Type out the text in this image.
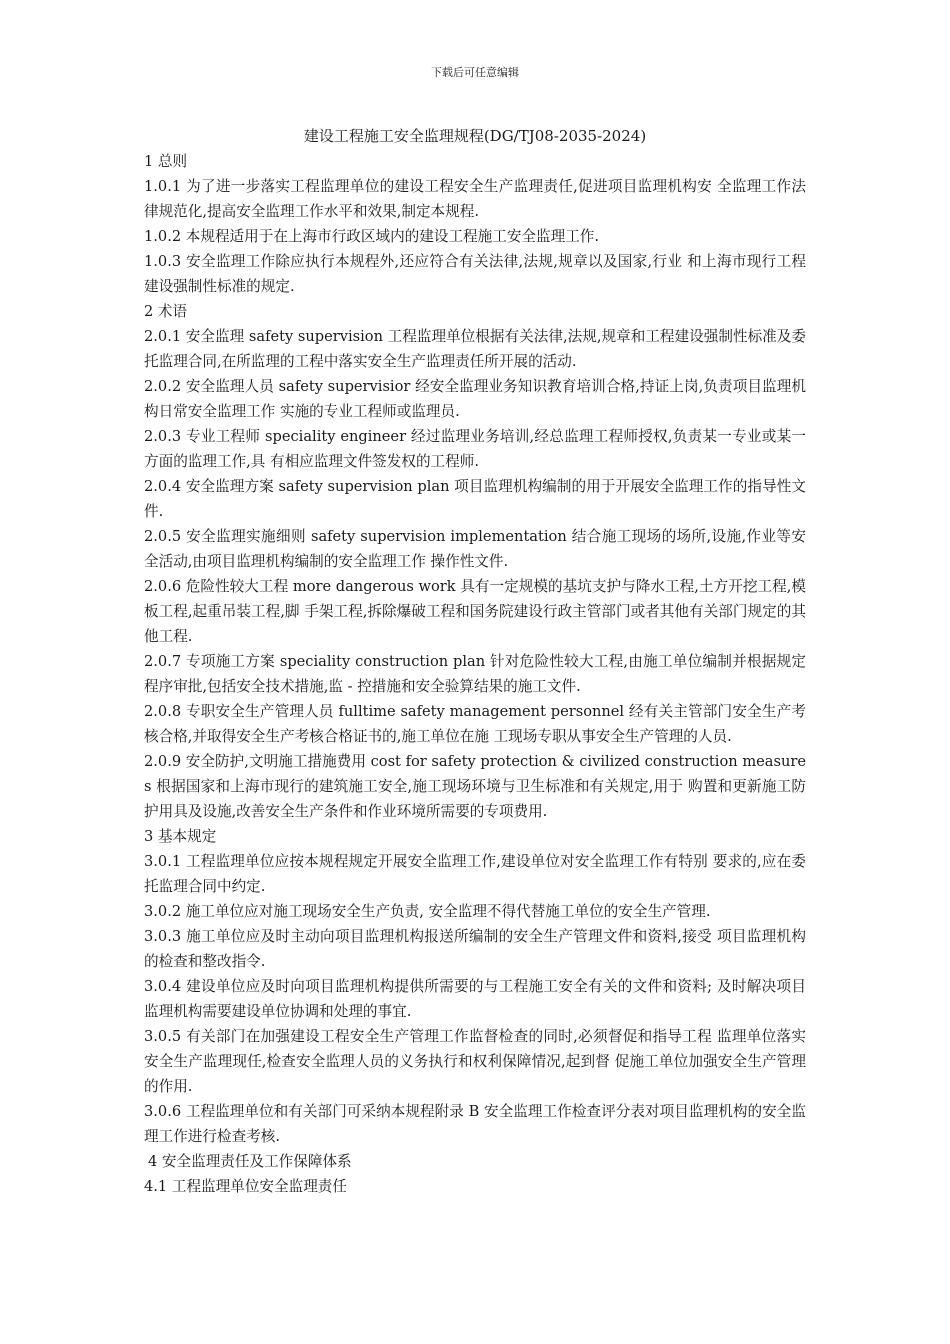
下载后可任意编辑
建设工程施工安全监理规程(DG/TJ08-2035-2024)

1 总则

1.0.1 为了进一步落实工程监理单位的建设工程安全生产监理责任,促进项目监理机构安 全监理工作法律规范化,提高安全监理工作水平和效果,制定本规程.

1.0.2 本规程适用于在上海市行政区域内的建设工程施工安全监理工作.

1.0.3 安全监理工作除应执行本规程外,还应符合有关法律,法规,规章以及国家,行业 和上海市现行工程建设强制性标准的规定.

2 术语

2.0.1 安全监理 safety supervision 工程监理单位根据有关法律,法规,规章和工程建设强制性标准及委托监理合同,在所监理的工程中落实安全生产监理责任所开展的活动.

2.0.2 安全监理人员 safety supervisior 经安全监理业务知识教育培训合格,持证上岗,负责项目监理机构日常安全监理工作 实施的专业工程师或监理员.

2.0.3 专业工程师 speciality engineer 经过监理业务培训,经总监理工程师授权,负责某一专业或某一方面的监理工作,具 有相应监理文件签发权的工程师.

2.0.4 安全监理方案 safety supervision plan 项目监理机构编制的用于开展安全监理工作的指导性文件.

2.0.5 安全监理实施细则 safety supervision implementation 结合施工现场的场所,设施,作业等安全活动,由项目监理机构编制的安全监理工作 操作性文件.

2.0.6 危险性较大工程 more dangerous work 具有一定规模的基坑支护与降水工程,土方开挖工程,模板工程,起重吊装工程,脚 手架工程,拆除爆破工程和国务院建设行政主管部门或者其他有关部门规定的其他工程.

2.0.7 专项施工方案 speciality construction plan 针对危险性较大工程,由施工单位编制并根据规定程序审批,包括安全技术措施,监 - 控措施和安全验算结果的施工文件.

2.0.8 专职安全生产管理人员 fulltime safety management personnel 经有关主管部门安全生产考核合格,并取得安全生产考核合格证书的,施工单位在施 工现场专职从事安全生产管理的人员.

2.0.9 安全防护,文明施工措施费用 cost for safety protection & civilized construction measures 根据国家和上海市现行的建筑施工安全,施工现场环境与卫生标准和有关规定,用于 购置和更新施工防护用具及设施,改善安全生产条件和作业环境所需要的专项费用.

3 基本规定

3.0.1 工程监理单位应按本规程规定开展安全监理工作,建设单位对安全监理工作有特别 要求的,应在委托监理合同中约定.

3.0.2 施工单位应对施工现场安全生产负责, 安全监理不得代替施工单位的安全生产管理.

3.0.3 施工单位应及时主动向项目监理机构报送所编制的安全生产管理文件和资料,接受 项目监理机构的检查和整改指令.

3.0.4 建设单位应及时向项目监理机构提供所需要的与工程施工安全有关的文件和资料; 及时解决项目监理机构需要建设单位协调和处理的事宜.

3.0.5 有关部门在加强建设工程安全生产管理工作监督检查的同时,必须督促和指导工程 监理单位落实安全生产监理现任,检查安全监理人员的义务执行和权利保障情况,起到督 促施工单位加强安全生产管理的作用.

3.0.6 工程监理单位和有关部门可采纳本规程附录 B 安全监理工作检查评分表对项目监理机构的安全监理工作进行检查考核.

4 安全监理责任及工作保障体系

4.1 工程监理单位安全监理责任
